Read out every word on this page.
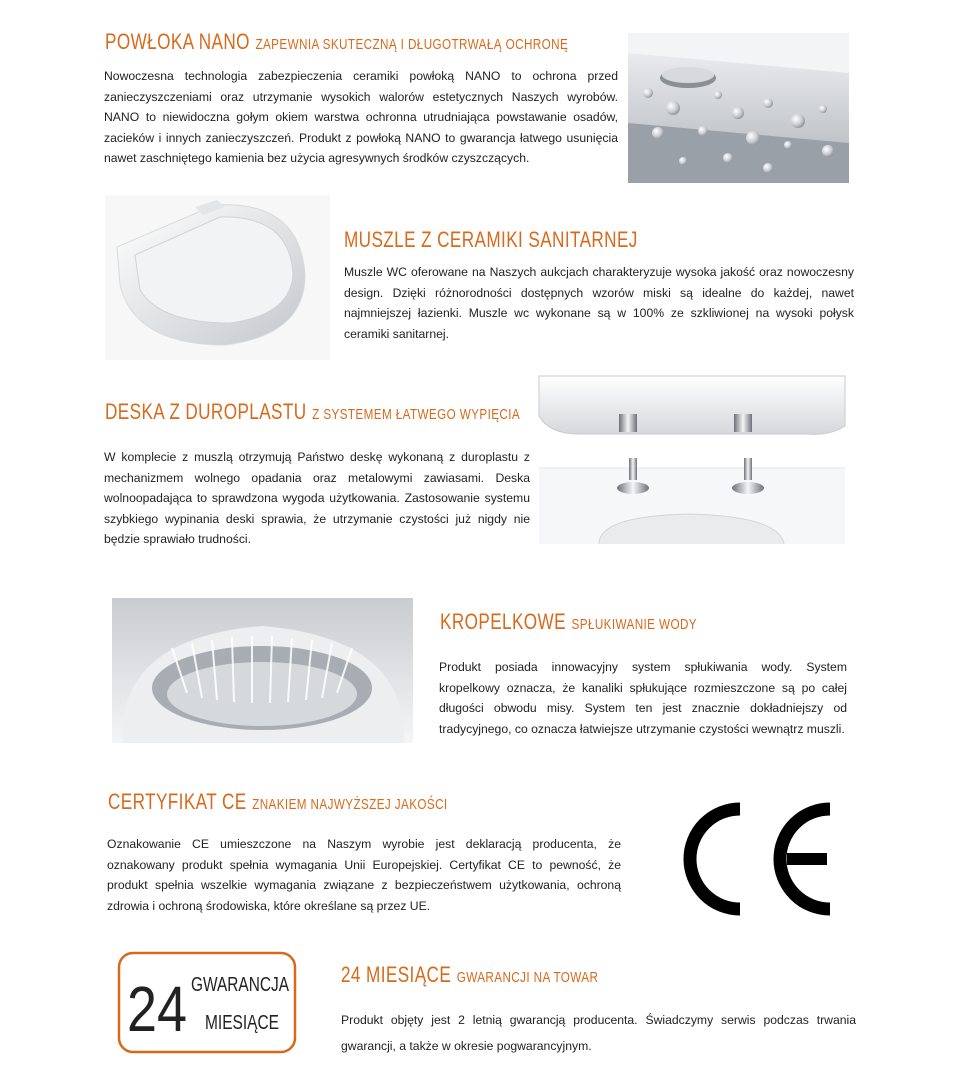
POWŁOKA NANO ZAPEWNIA SKUTECZNĄ I DŁUGOTRWAŁĄ OCHRONĘ

Nowoczesna technologia zabezpieczenia ceramiki powłoką NANO to ochrona przed zanieczyszczeniami oraz utrzymanie wysokich walorów estetycznych Naszych wyrobów. NANO to niewidoczna gołym okiem warstwa ochronna utrudniająca powstawanie osadów, zacieków i innych zanieczyszczeń. Produkt z powłoką NANO to gwarancja łatwego usunięcia nawet zaschniętego kamienia bez użycia agresywnych środków czyszczących.

MUSZLE Z CERAMIKI SANITARNEJ

Muszle WC oferowane na Naszych aukcjach charakteryzuje wysoka jakość oraz nowoczesny design. Dzięki różnorodności dostępnych wzorów miski są idealne do każdej, nawet najmniejszej łazienki. Muszle wc wykonane są w 100% ze szkliwionej na wysoki połysk ceramiki sanitarnej.

DESKA Z DUROPLASTU Z SYSTEMEM ŁATWEGO WYPIĘCIA

W komplecie z muszlą otrzymują Państwo deskę wykonaną z duroplastu z mechanizmem wolnego opadania oraz metalowymi zawiasami. Deska wolnoopadająca to sprawdzona wygoda użytkowania. Zastosowanie systemu szybkiego wypinania deski sprawia, że utrzymanie czystości już nigdy nie będzie sprawiało trudności.

KROPELKOWE SPŁUKIWANIE WODY

Produkt posiada innowacyjny system spłukiwania wody. System kropelkowy oznacza, że kanaliki spłukujące rozmieszczone są po całej długości obwodu misy. System ten jest znacznie dokładniejszy od tradycyjnego, co oznacza łatwiejsze utrzymanie czystości wewnątrz muszli.

CERTYFIKAT CE ZNAKIEM NAJWYŻSZEJ JAKOŚCI

Oznakowanie CE umieszczone na Naszym wyrobie jest deklaracją producenta, że oznakowany produkt spełnia wymagania Unii Europejskiej. Certyfikat CE to pewność, że produkt spełnia wszelkie wymagania związane z bezpieczeństwem użytkowania, ochroną zdrowia i ochroną środowiska, które określane są przez UE.

24 GWARANCJA
MIESIĄCE
24 MIESIĄCE GWARANCJI NA TOWAR

Produkt objęty jest 2 letnią gwarancją producenta. Świadczymy serwis podczas trwania gwarancji, a także w okresie pogwarancyjnym.
